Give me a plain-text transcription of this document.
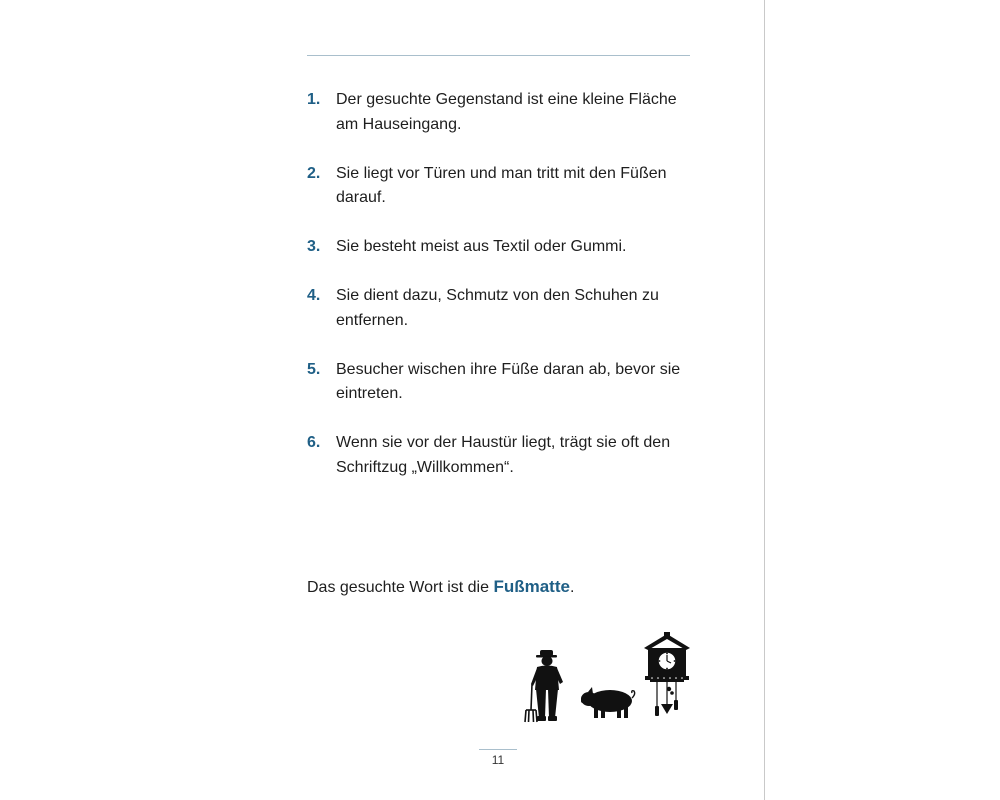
1. Der gesuchte Gegenstand ist eine kleine Fläche am Hauseingang.
2. Sie liegt vor Türen und man tritt mit den Füßen darauf.
3. Sie besteht meist aus Textil oder Gummi.
4. Sie dient dazu, Schmutz von den Schuhen zu entfernen.
5. Besucher wischen ihre Füße daran ab, bevor sie eintreten.
6. Wenn sie vor der Haustür liegt, trägt sie oft den Schriftzug „Willkommen“.

Das gesuchte Wort ist die Fußmatte.

11
